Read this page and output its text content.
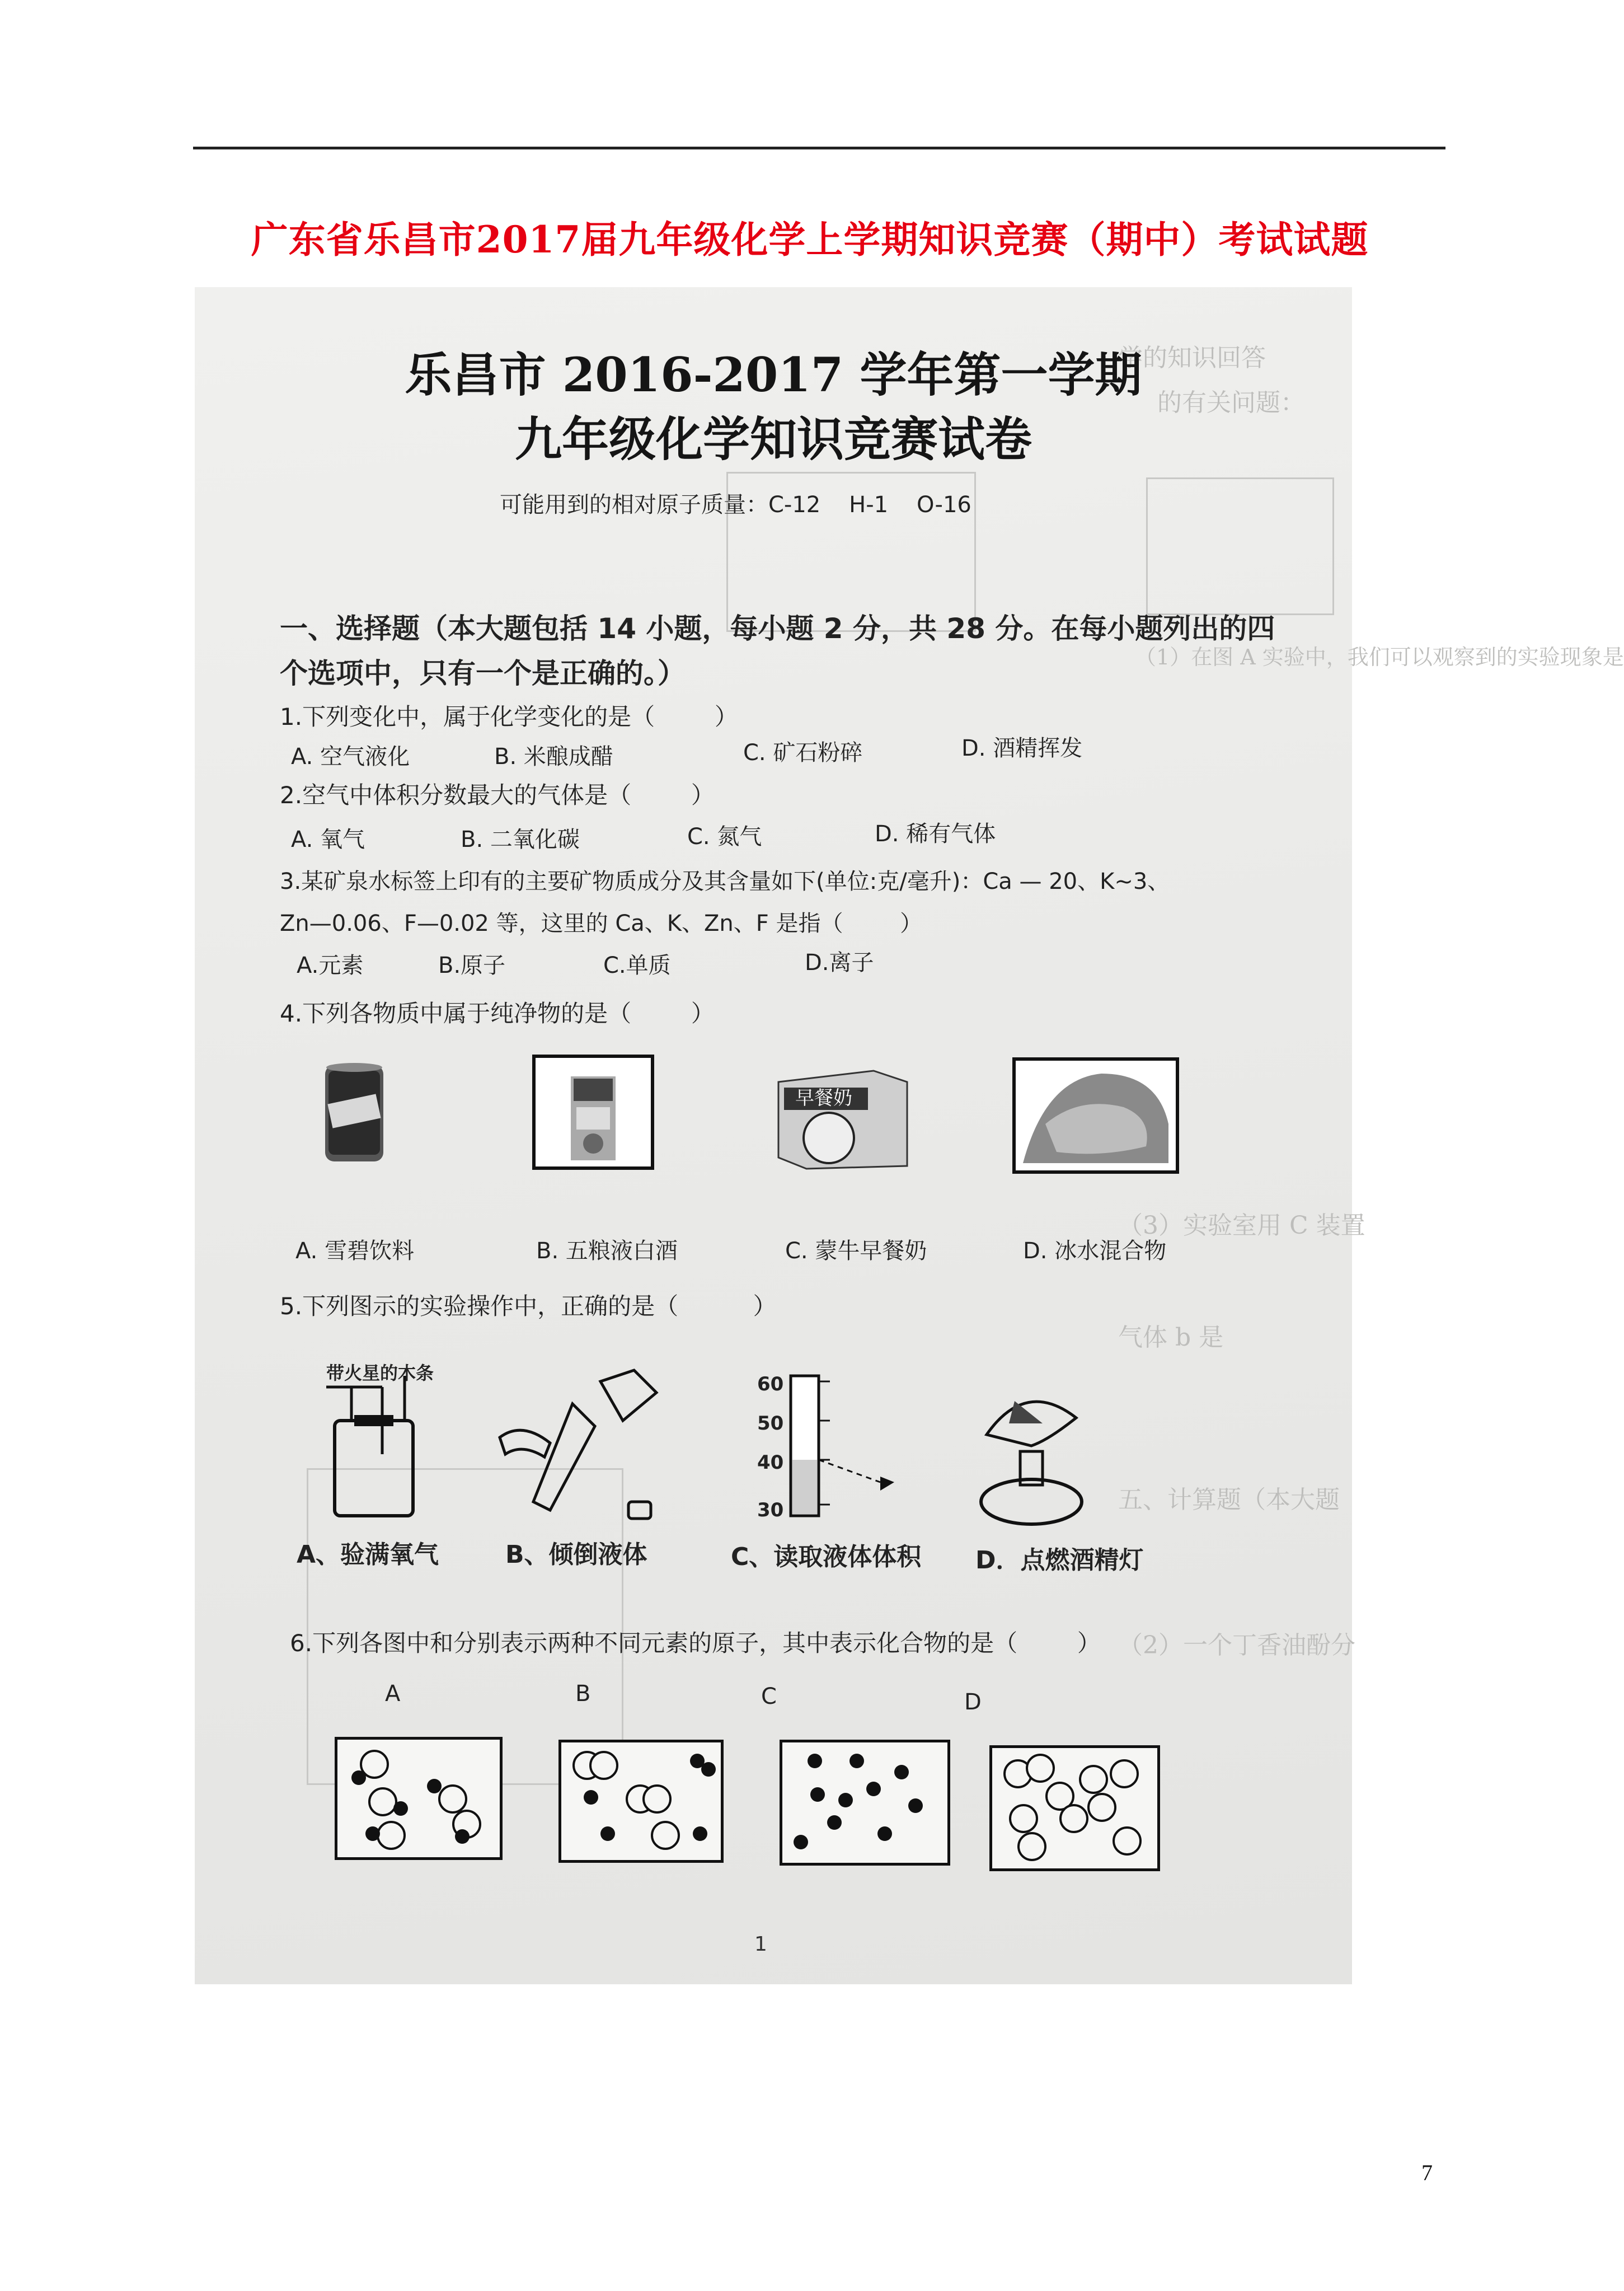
广东省乐昌市2017届九年级化学上学期知识竞赛（期中）考试试题
学的知识回答
的有关问题：
（1）在图 A 实验中，我们可以观察到的实验现象是
（3）实验室用 C 装置
气体 b 是
五、计算题（本大题
（2）一个丁香油酚分
乐昌市 2016-2017 学年第一学期
九年级化学知识竞赛试卷
可能用到的相对原子质量：C-12    H-1    O-16
一、选择题（本大题包括 14 小题，每小题 2 分，共 28 分。在每小题列出的四
个选项中，只有一个是正确的。）
1.下列变化中，属于化学变化的是（        ）
A. 空气液化	B. 米酿成醋	C. 矿石粉碎	D. 酒精挥发
2.空气中体积分数最大的气体是（        ）
A. 氧气	B. 二氧化碳	C. 氮气	D. 稀有气体
3.某矿泉水标签上印有的主要矿物质成分及其含量如下(单位:克/毫升)：Ca — 20、K~3、
Zn—0.06、F—0.02 等，这里的 Ca、K、Zn、F 是指（        ）
A.元素	B.原子	C.单质	D.离子
4.下列各物质中属于纯净物的是（        ）
早餐奶
A. 雪碧饮料	B. 五粮液白酒	C. 蒙牛早餐奶	D. 冰水混合物
5.下列图示的实验操作中，正确的是（          ）
带火星的木条	60
50
40
30
A、验满氧气	B、倾倒液体	C、读取液体体积 D．点燃酒精灯
6.下列各图中和分别表示两种不同元素的原子，其中表示化合物的是（        ）
A	B	C	D
1
7
